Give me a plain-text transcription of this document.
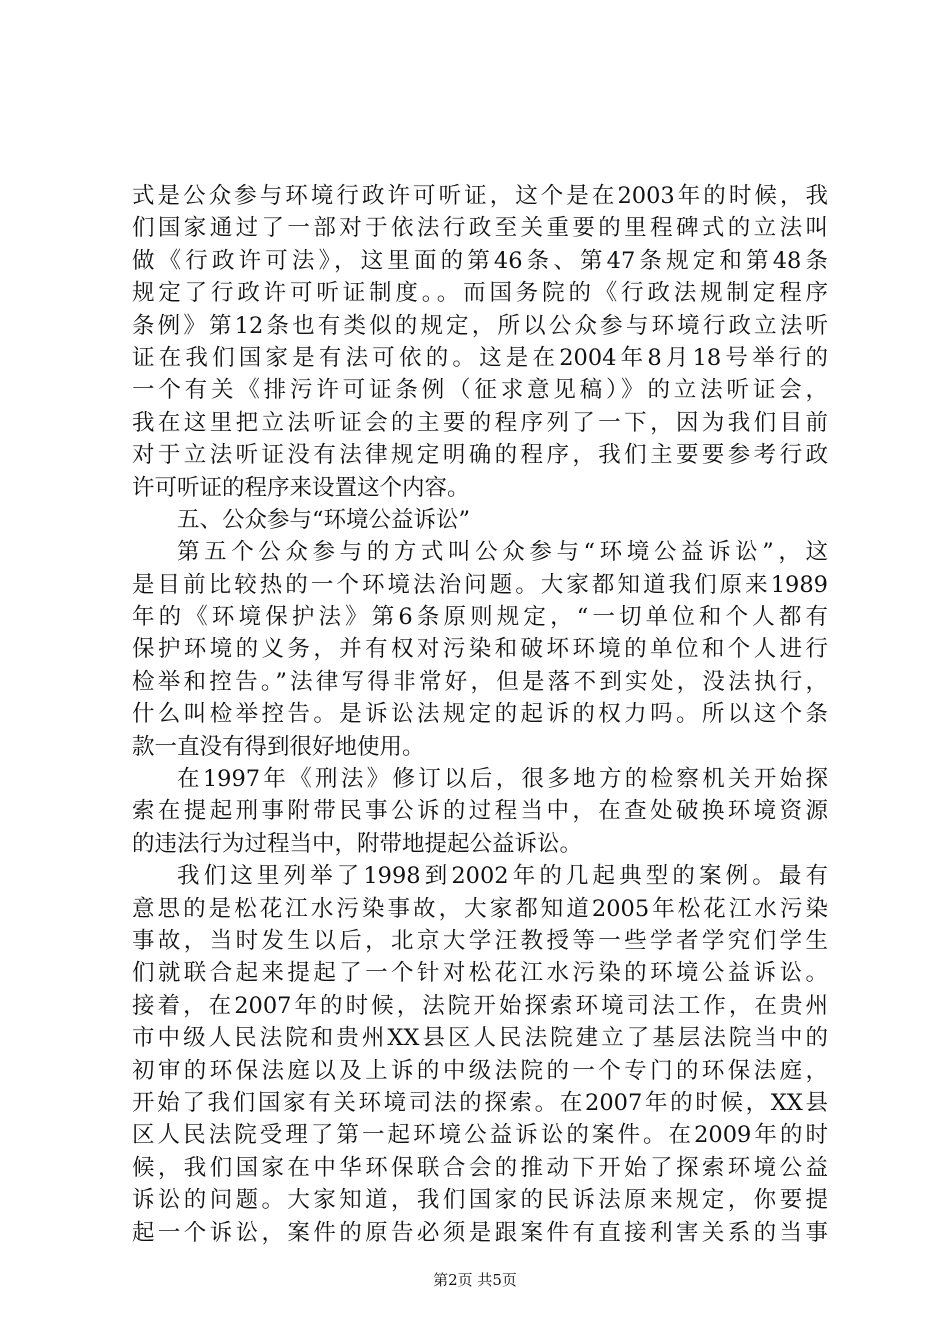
式是公众参与环境行政许可听证，这个是在2003年的时候，我
们国家通过了一部对于依法行政至关重要的里程碑式的立法叫
做《行政许可法》，这里面的第46条、第47条规定和第48条
规定了行政许可听证制度。。而国务院的《行政法规制定程序
条例》第12条也有类似的规定，所以公众参与环境行政立法听
证在我们国家是有法可依的。这是在2004年8月18号举行的
一个有关《排污许可证条例（征求意见稿）》的立法听证会，
我在这里把立法听证会的主要的程序列了一下，因为我们目前
对于立法听证没有法律规定明确的程序，我们主要要参考行政
许可听证的程序来设置这个内容。
五、公众参与“环境公益诉讼”
第五个公众参与的方式叫公众参与“环境公益诉讼”，这
是目前比较热的一个环境法治问题。大家都知道我们原来1989
年的《环境保护法》第6条原则规定，“一切单位和个人都有
保护环境的义务，并有权对污染和破坏环境的单位和个人进行
检举和控告。”法律写得非常好，但是落不到实处，没法执行，
什么叫检举控告。是诉讼法规定的起诉的权力吗。所以这个条
款一直没有得到很好地使用。
在1997年《刑法》修订以后，很多地方的检察机关开始探
索在提起刑事附带民事公诉的过程当中，在查处破换环境资源
的违法行为过程当中，附带地提起公益诉讼。
我们这里列举了1998到2002年的几起典型的案例。最有
意思的是松花江水污染事故，大家都知道2005年松花江水污染
事故，当时发生以后，北京大学汪教授等一些学者学究们学生
们就联合起来提起了一个针对松花江水污染的环境公益诉讼。
接着，在2007年的时候，法院开始探索环境司法工作，在贵州
市中级人民法院和贵州XX县区人民法院建立了基层法院当中的
初审的环保法庭以及上诉的中级法院的一个专门的环保法庭，
开始了我们国家有关环境司法的探索。在2007年的时候，XX县
区人民法院受理了第一起环境公益诉讼的案件。在2009年的时
候，我们国家在中华环保联合会的推动下开始了探索环境公益
诉讼的问题。大家知道，我们国家的民诉法原来规定，你要提
起一个诉讼，案件的原告必须是跟案件有直接利害关系的当事
第2页 共5页
